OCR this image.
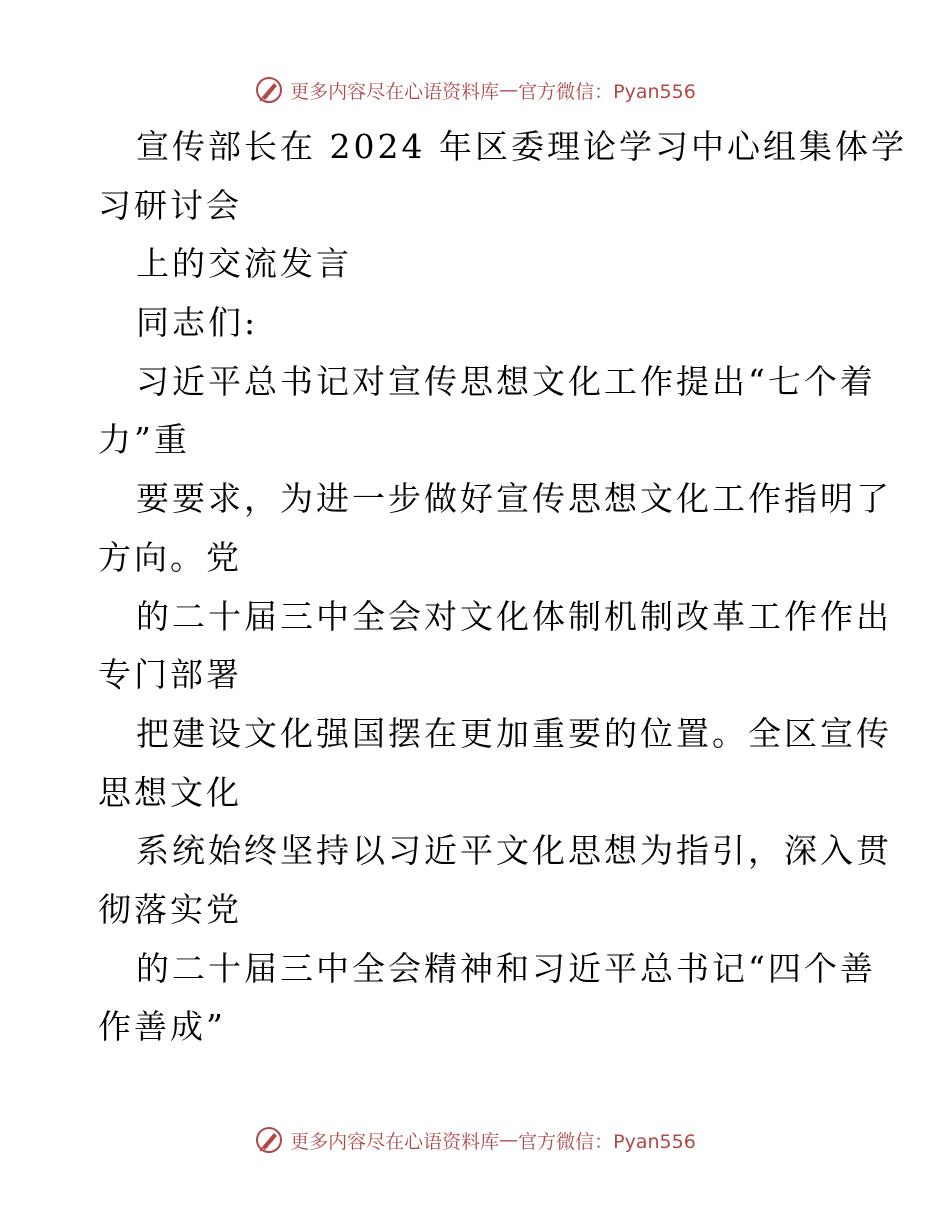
更多内容尽在心语资料库 — 官方微信：Pyan556
宣传部长在 2024 年区委理论学习中心组集体学
习研讨会
上的交流发言
同志们:
习近平总书记对宣传思想文化工作提出“七个着
力”重
要要求，为进一步做好宣传思想文化工作指明了
方向。党
的二十届三中全会对文化体制机制改革工作作出
专门部署
把建设文化强国摆在更加重要的位置。全区宣传
思想文化
系统始终坚持以习近平文化思想为指引，深入贯
彻落实党
的二十届三中全会精神和习近平总书记“四个善
作善成”
更多内容尽在心语资料库 — 官方微信：Pyan556
